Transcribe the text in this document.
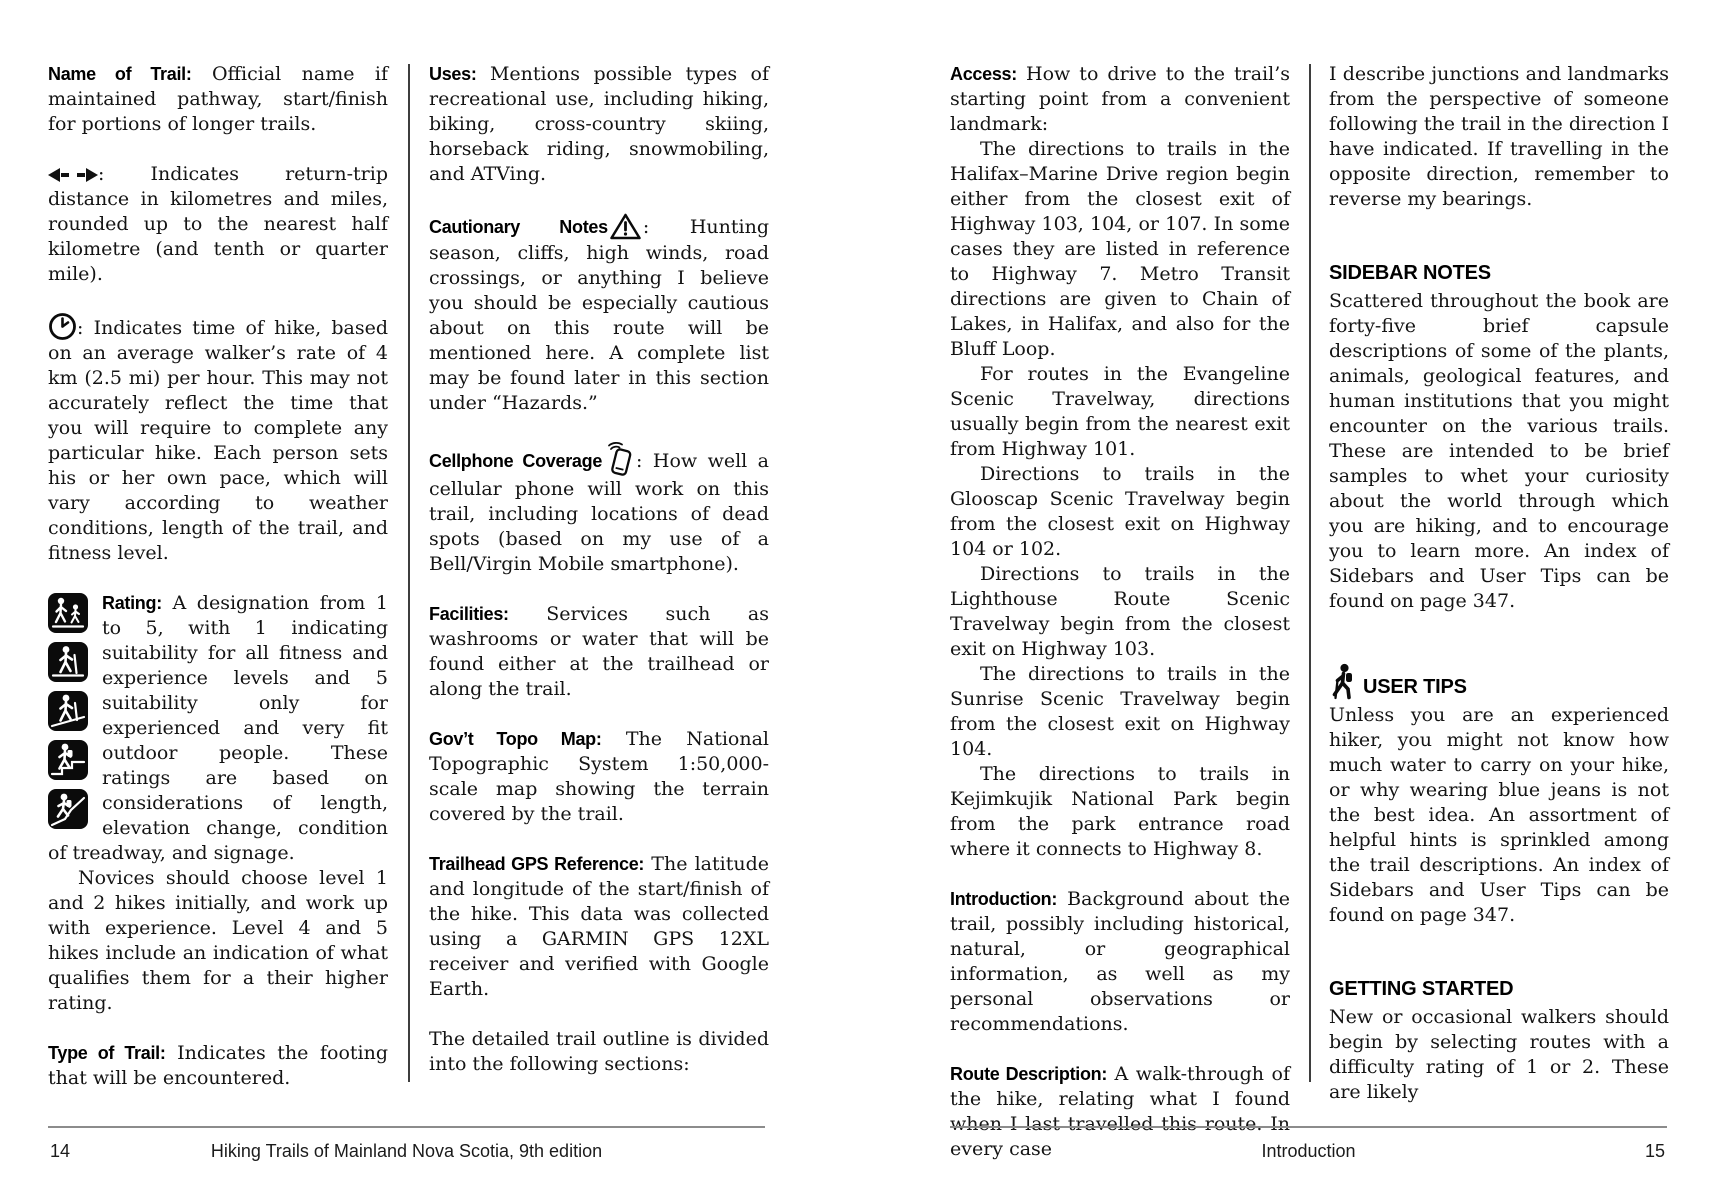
Name of Trail: Official name if maintained pathway, start/finish for portions of longer trails.

: Indicates return-trip distance in kilometres and miles, rounded up to the nearest half kilometre (and tenth or quarter mile).

: Indicates time of hike, based on an average walker’s rate of 4 km (2.5 mi) per hour. This may not accurately reflect the time that you will require to complete any particular hike. Each person sets his or her own pace, which will vary according to weather conditions, length of the trail, and fitness level.

Rating: A designation from 1 to 5, with 1 indicating suitability for all fitness and experience levels and 5 suitability only for experienced and very fit outdoor people. These ratings are based on considerations of length, elevation change, condition of treadway, and signage.

Novices should choose level 1 and 2 hikes initially, and work up with experience. Level 4 and 5 hikes include an indication of what qualifies them for a their higher rating.

Type of Trail: Indicates the footing that will be encountered.

Uses: Mentions possible types of recreational use, including hiking, biking, cross-country skiing, horseback riding, snowmobiling, and ATVing.

Cautionary Notes : Hunting season, cliffs, high winds, road crossings, or anything I believe you should be especially cautious about on this route will be mentioned here. A complete list may be found later in this section under “Hazards.”

Cellphone Coverage : How well a cellular phone will work on this trail, including locations of dead spots (based on my use of a Bell/Virgin Mobile smartphone).

Facilities: Services such as washrooms or water that will be found either at the trailhead or along the trail.

Gov’t Topo Map: The National Topographic System 1:50,000-scale map showing the terrain covered by the trail.

Trailhead GPS Reference: The latitude and longitude of the start/finish of the hike. This data was collected using a GARMIN GPS 12XL receiver and verified with Google Earth.

The detailed trail outline is divided into the following sections:

Access: How to drive to the trail’s starting point from a convenient landmark:

The directions to trails in the Halifax–Marine Drive region begin either from the closest exit of Highway 103, 104, or 107. In some cases they are listed in reference to Highway 7. Metro Transit directions are given to Chain of Lakes, in Halifax, and also for the Bluff Loop.

For routes in the Evangeline Scenic Travelway, directions usually begin from the nearest exit from Highway 101.

Directions to trails in the Glooscap Scenic Travelway begin from the closest exit on Highway 104 or 102.

Directions to trails in the Lighthouse Route Scenic Travelway begin from the closest exit on Highway 103.

The directions to trails in the Sunrise Scenic Travelway begin from the closest exit on Highway 104.

The directions to trails in Kejimkujik National Park begin from the park entrance road where it connects to Highway 8.

Introduction: Background about the trail, possibly including historical, natural, or geographical information, as well as my personal observations or recommendations.

Route Description: A walk-through of the hike, relating what I found when I last travelled this route. In every case

I describe junctions and landmarks from the perspective of someone following the trail in the direction I have indicated. If travelling in the opposite direction, remember to reverse my bearings.

SIDEBAR NOTES

Scattered throughout the book are forty-five brief capsule descriptions of some of the plants, animals, geological features, and human institutions that you might encounter on the various trails. These are intended to be brief samples to whet your curiosity about the world through which you are hiking, and to encourage you to learn more. An index of Sidebars and User Tips can be found on page 347.

USER TIPS

Unless you are an experienced hiker, you might not know how much water to carry on your hike, or why wearing blue jeans is not the best idea. An assortment of helpful hints is sprinkled among the trail descriptions. An index of Sidebars and User Tips can be found on page 347.

GETTING STARTED

New or occasional walkers should begin by selecting routes with a difficulty rating of 1 or 2. These are likely

14	Hiking Trails of Mainland Nova Scotia, 9th edition	Introduction	15
